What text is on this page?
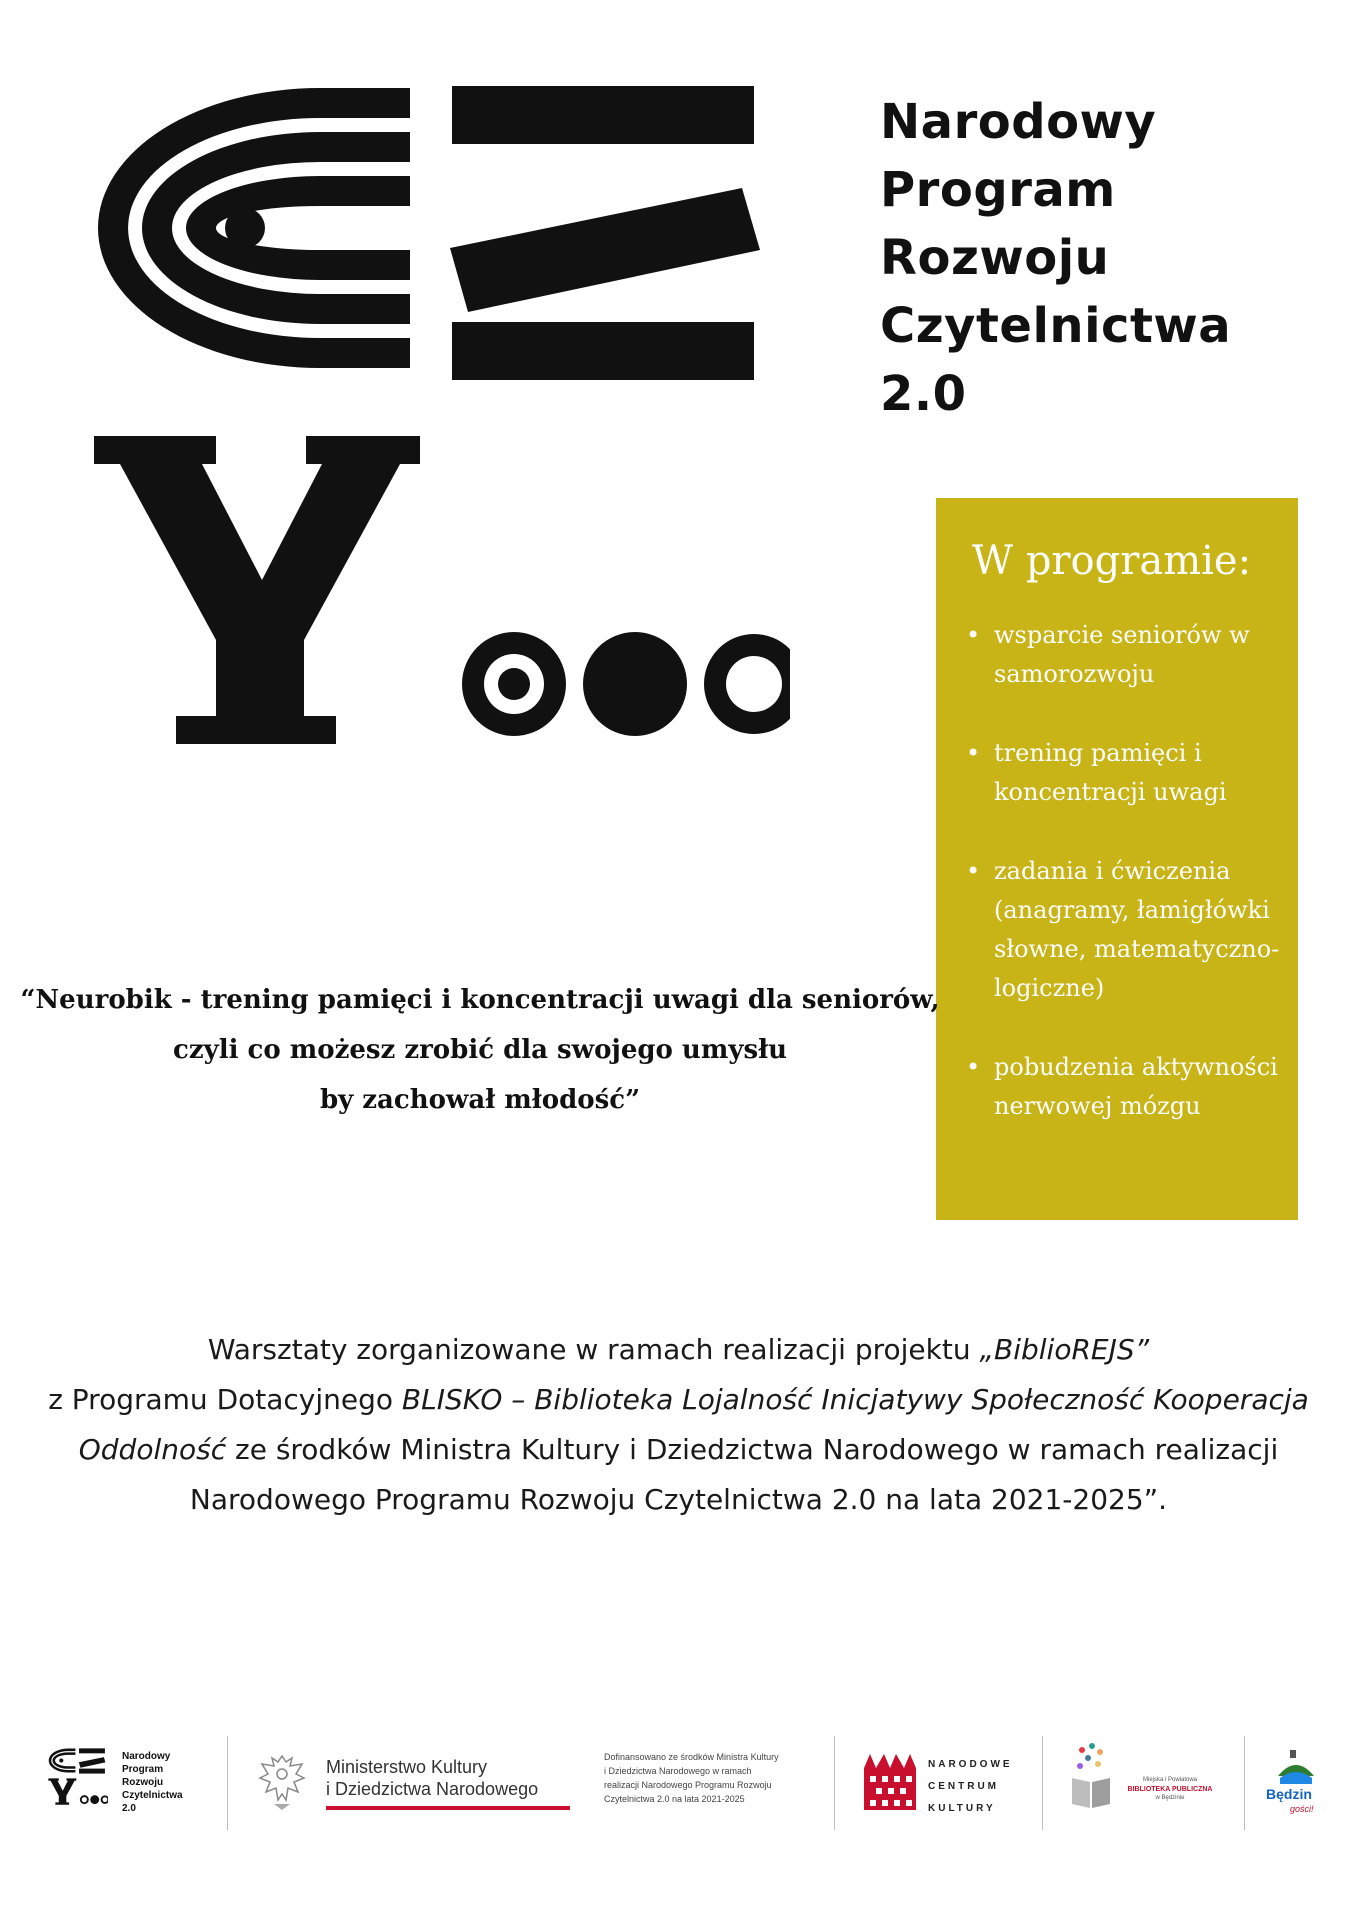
Narodowy
Program
Rozwoju
Czytelnictwa
2.0
W programie:
• wsparcie seniorów w samorozwoju
• trening pamięci i koncentracji uwagi
• zadania i ćwiczenia (anagramy, łamigłówki słowne, matematyczno-logiczne)
• pobudzenia aktywności nerwowej mózgu
“Neurobik - trening pamięci i koncentracji uwagi dla seniorów,
czyli co możesz zrobić dla swojego umysłu
by zachował młodość”
Warsztaty zorganizowane w ramach realizacji projektu „BiblioREJS”
z Programu Dotacyjnego BLISKO – Biblioteka Lojalność Inicjatywy Społeczność Kooperacja
Oddolność ze środków Ministra Kultury i Dziedzictwa Narodowego w ramach realizacji
Narodowego Programu Rozwoju Czytelnictwa 2.0 na lata 2021-2025”.
Narodowy
Program
Rozwoju
Czytelnictwa
2.0
Ministerstwo Kultury
i Dziedzictwa Narodowego
Dofinansowano ze środków Ministra Kultury
i Dziedzictwa Narodowego w ramach
realizacji Narodowego Programu Rozwoju
Czytelnictwa 2.0 na lata 2021-2025
NARODOWE
CENTRUM
KULTURY
Miejska i Powiatowa
BIBLIOTEKA PUBLICZNA
w Będzinie	Będzin
gości!
